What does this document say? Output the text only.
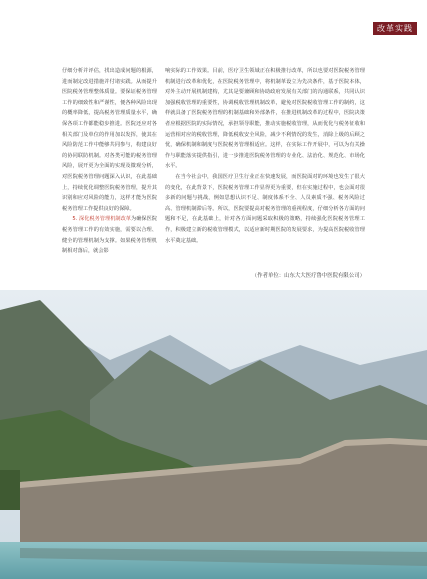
改革实践

仔细分析并评估，找出造成问题的根源，进而制定改进措施并付诸实践。从而提升医院税务管理整体质量。要保证税务管理工作的细致性和严谨性，便各种风险出现的概率降低，提高税务管理质量水平，确保各项工作都能稳步推进。医院还应对各相关部门及单位的作用加以发挥，使其在风险防范工作中能够共同参与，构建良好的协同联防机制。对各类可能的税务管理风险，展开更为全面的实现及微观分析，对医院税务管理问题深入认识，在此基础上，持续优化调整医院税务管理，提升其识别和应对风险的能力，这样才能为医院税务管理工作提供良好的保障。

5. 深化税务管理机制改革为确保医院税务管理工作的有效实施，需要以合理、健全的管理机制为支撑。如果税务管理机制相对落后，就会影

响实际的工作效果。目前，医疗卫生领域正在积极推行改革，所以也要对医院税务管理机制进行改革和优化，在医院税务管理中，将机制革设立为先决条件，基于医院本体，对外主动开展机制建构，尤其是要兼顾和协助政府发展有关部门的沟通联系，共同认识加强税收管理的重要性，协调税收管理机制改革，避免对医院税收管理工作的制约，这样就具备了医院税务管理的机制基础和外部条件，在推进机制改革的过程中，医院决策者应根据医院的实际情况，承担领导职能，推动实施税收管理，从而优化与税务征收和运营相对应的税收管理，降低税收安全风险，减少不利情况的发生，消除上级的后顾之忧，确保机制和制度与医院税务管理相适应。这样，在实际工作开展中，可以为有关操作与职能落实提供指引，进一步推进医院税务管理的专业化、法治化、规范化、市场化水平。

在当今社会中，我国医疗卫生行业正在快速发展，而医院面对的环境也发生了很大的变化，在此背景下，医院税务管理工作显得更为重要，但在实施过程中，也会面对很多新的问题与挑战，例如思想认识不足、制度体系不全、人员素质不强、税务风险过高、管理机制滞后等。所以，医院要提高对税务管理的重视程度，仔细分析各方面的问题和不足，在此基础上，针对各方面问题采取积极的策略，持续强化医院税务管理工作，积极建立新的税收管理模式，以适应新时期医院的发展要求，为提高医院税收管理水平奠定基础。

（作者单位：山东大大医疗鲁中医院有限公司）
